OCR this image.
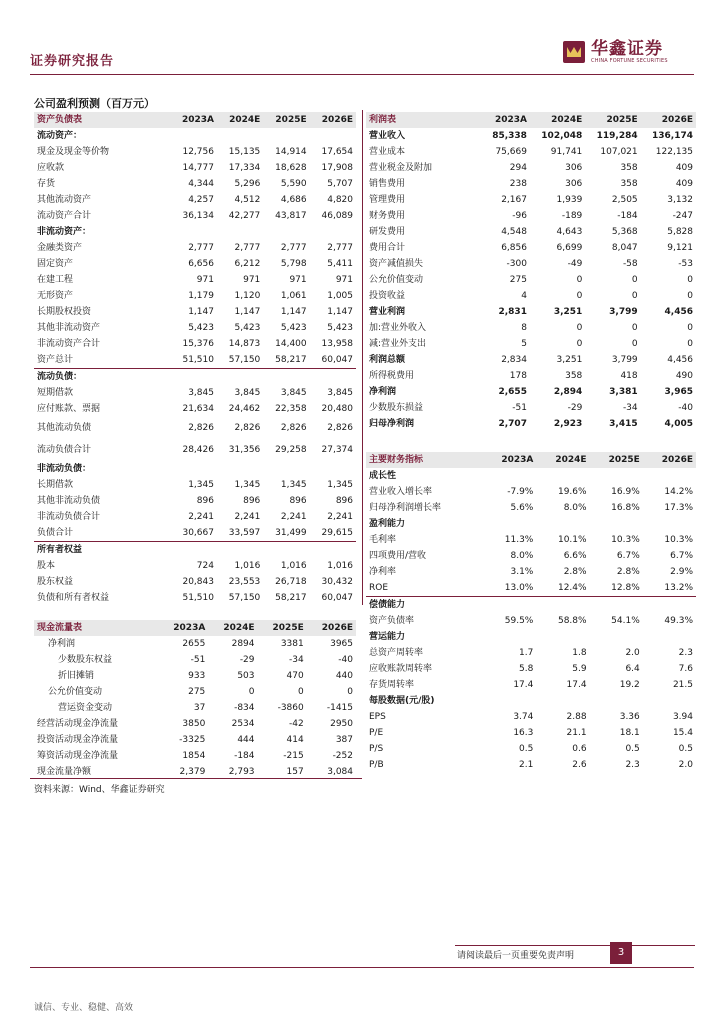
证券研究报告
华鑫证券
CHINA FORTUNE SECURITIES
公司盈利预测（百万元）
资产负债表	2023A	2024E	2025E	2026E
流动资产：				
现金及现金等价物	12,756	15,135	14,914	17,654
应收款	14,777	17,334	18,628	17,908
存货	4,344	5,296	5,590	5,707
其他流动资产	4,257	4,512	4,686	4,820
流动资产合计	36,134	42,277	43,817	46,089
非流动资产：				
金融类资产	2,777	2,777	2,777	2,777
固定资产	6,656	6,212	5,798	5,411
在建工程	971	971	971	971
无形资产	1,179	1,120	1,061	1,005
长期股权投资	1,147	1,147	1,147	1,147
其他非流动资产	5,423	5,423	5,423	5,423
非流动资产合计	15,376	14,873	14,400	13,958
资产总计	51,510	57,150	58,217	60,047
流动负债：				
短期借款	3,845	3,845	3,845	3,845
应付账款、票据	21,634	24,462	22,358	20,480
其他流动负债	2,826	2,826	2,826	2,826
流动负债合计	28,426	31,356	29,258	27,374
非流动负债：				
长期借款	1,345	1,345	1,345	1,345
其他非流动负债	896	896	896	896
非流动负债合计	2,241	2,241	2,241	2,241
负债合计	30,667	33,597	31,499	29,615
所有者权益				
股本	724	1,016	1,016	1,016
股东权益	20,843	23,553	26,718	30,432
负债和所有者权益	51,510	57,150	58,217	60,047
利润表	2023A	2024E	2025E	2026E
营业收入	85,338	102,048	119,284	136,174
营业成本	75,669	91,741	107,021	122,135
营业税金及附加	294	306	358	409
销售费用	238	306	358	409
管理费用	2,167	1,939	2,505	3,132
财务费用	-96	-189	-184	-247
研发费用	4,548	4,643	5,368	5,828
费用合计	6,856	6,699	8,047	9,121
资产减值损失	-300	-49	-58	-53
公允价值变动	275	0	0	0
投资收益	4	0	0	0
营业利润	2,831	3,251	3,799	4,456
加:营业外收入	8	0	0	0
减:营业外支出	5	0	0	0
利润总额	2,834	3,251	3,799	4,456
所得税费用	178	358	418	490
净利润	2,655	2,894	3,381	3,965
少数股东损益	-51	-29	-34	-40
归母净利润	2,707	2,923	3,415	4,005
主要财务指标	2023A	2024E	2025E	2026E
成长性				
营业收入增长率	-7.9%	19.6%	16.9%	14.2%
归母净利润增长率	5.6%	8.0%	16.8%	17.3%
盈利能力				
毛利率	11.3%	10.1%	10.3%	10.3%
四项费用/营收	8.0%	6.6%	6.7%	6.7%
净利率	3.1%	2.8%	2.8%	2.9%
ROE	13.0%	12.4%	12.8%	13.2%
偿债能力				
资产负债率	59.5%	58.8%	54.1%	49.3%
营运能力				
总资产周转率	1.7	1.8	2.0	2.3
应收账款周转率	5.8	5.9	6.4	7.6
存货周转率	17.4	17.4	19.2	21.5
每股数据(元/股)				
EPS	3.74	2.88	3.36	3.94
P/E	16.3	21.1	18.1	15.4
P/S	0.5	0.6	0.5	0.5
P/B	2.1	2.6	2.3	2.0
现金流量表	2023A	2024E	2025E	2026E
净利润	2655	2894	3381	3965
少数股东权益	-51	-29	-34	-40
折旧摊销	933	503	470	440
公允价值变动	275	0	0	0
营运资金变动	37	-834	-3860	-1415
经营活动现金净流量	3850	2534	-42	2950
投资活动现金净流量	-3325	444	414	387
筹资活动现金净流量	1854	-184	-215	-252
现金流量净额	2,379	2,793	157	3,084
资料来源：Wind、华鑫证券研究
请阅读最后一页重要免责声明	3
诚信、专业、稳健、高效
